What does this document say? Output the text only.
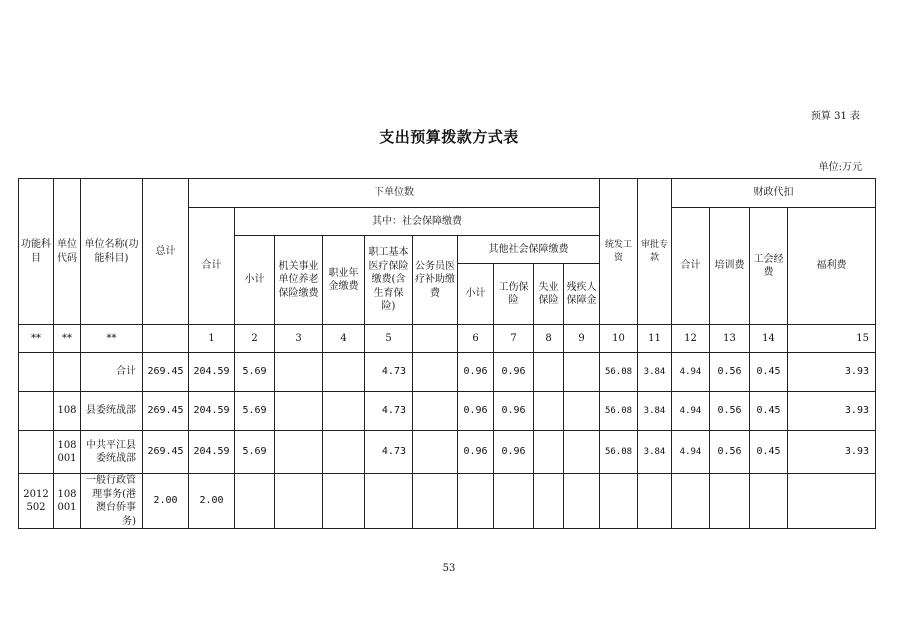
预算 31 表
支出预算拨款方式表
单位:万元
功能科目	单位代码	单位名称(功能科目)	总计	下单位数										统发工资	审批专款	财政代扣			
				合计	其中：社会保障缴费											合计	培训费	工会经费	福利费
					小计	机关事业单位养老保险缴费	职业年金缴费	职工基本医疗保险缴费(含生育保险)	公务员医疗补助缴费	其他社会保障缴费									
										小计	工伤保险	失业保险	残疾人保障金						
**	**	**		1	2	3	4	5		6	7	8	9	10	11	12	13	14	15
		合计	269.45	204.59	5.69			4.73		0.96	0.96			56.08	3.84	4.94	0.56	0.45	3.93
	108	县委统战部	269.45	204.59	5.69			4.73		0.96	0.96			56.08	3.84	4.94	0.56	0.45	3.93
	108 001	中共平江县委统战部	269.45	204.59	5.69			4.73		0.96	0.96			56.08	3.84	4.94	0.56	0.45	3.93
2012 502	108 001	一般行政管理事务(港澳台侨事务)	2.00	2.00															
53
